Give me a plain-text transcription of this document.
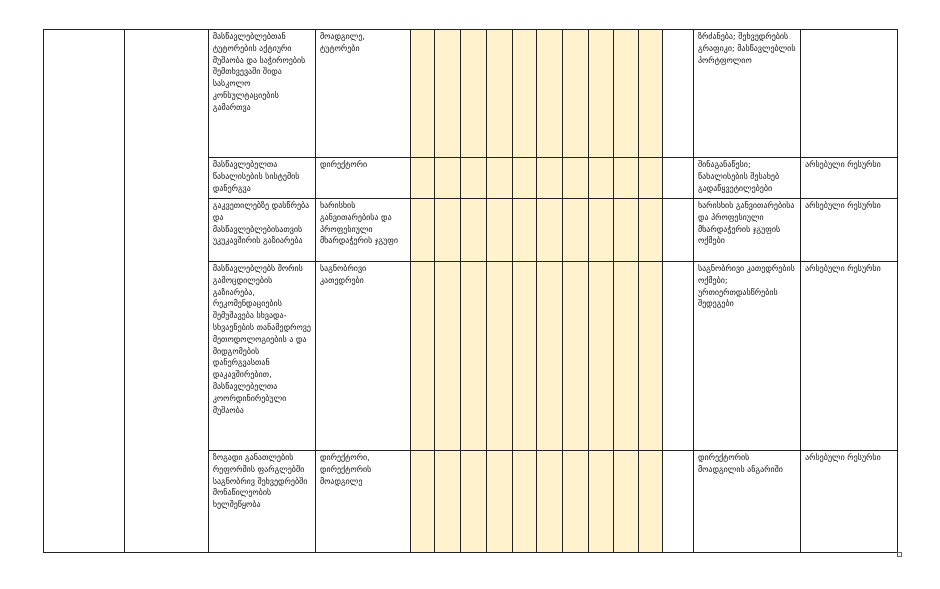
		მასწავლებლებთან ტუტორების აქტიური მუშაობა და საჭიროების შემთხვევაში შიდა სასკოლო კონსულტაციების გამართვა	მოადგილე, ტუტორები												ზრძანება; შეხვედრების გრაფიკი; მასწავლებლის პორტფოლიო	
		მასწავლებელთა წახალისების სისტემის დანერგვა	დირექტორი												შინაგანაწესი; წახალისების შესახებ გადაწყვეტილებები	არსებული რესურსი
		გაკვეთილებზე დასწრება და მასწავლებლებისათვის უკუკავშირის გაზიარება	ხარისხის განვითარებისა და პროფესიული მხარდაჭერის ჯგუფი												ხარისხის განვითარებისა და პროფესიული მხარდაჭერის ჯგუფის ოქმები	არსებული რესურსი
		მასწავლებლებს შორის გამოცდილების გაზიარება, რეკომენდაციების შემუშავება სხვადა-სხვაენების თანამედროვე მეთოდოლოგიების ა და მიდგომების დანერგვასთან დაკავშირებით, მასწავლებელთა კოორდინირებული მუშაობა	საგნობრივი კათედრები												საგნობრივი კათედრების ოქმები; ურთიერთდასწრების შედეგები	არსებული რესურსი
		ზოგადი განათლების რეფორმის ფარგლებში საგნობრივ შეხვედრებში მონაწილეობის ხელშეწყობა	დირექტორი, დირექტორის მოადგილე												დირექტორის მოადგილის ანგარიში	არსებული რესურსი
